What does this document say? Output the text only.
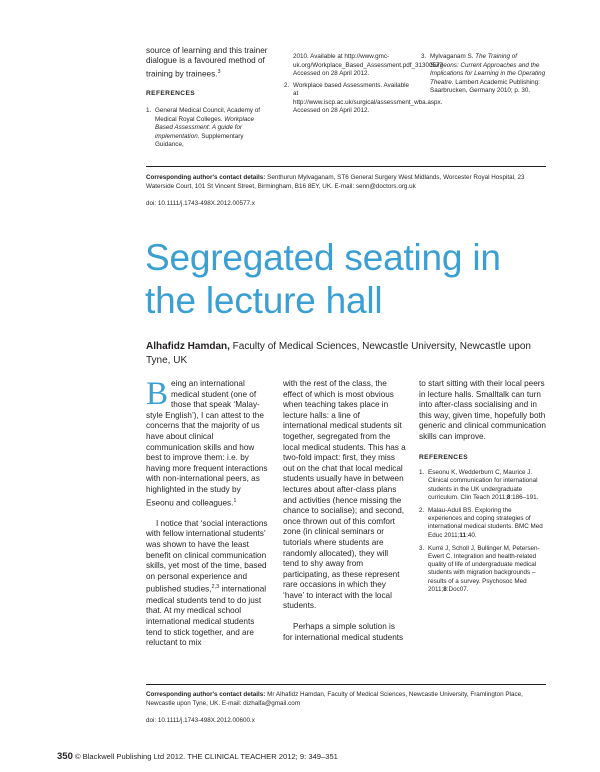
source of learning and this trainer dialogue is a favoured method of training by trainees.$^3$
REFERENCES
1. General Medical Council, Academy of Medical Royal Colleges. Workplace Based Assessment: A guide for implementation. Supplementary Guidance,
2010. Available at http://www.gmc-uk.org/Workplace_Based_Assessment.pdf_31300577 Accessed on 28 April 2012.
2. Workplace based Assessments. Available at http://www.iscp.ac.uk/surgical/assessment_wba.aspx. Accessed on 28 April 2012.
3. Mylvaganam S. The Training of Surgeons: Current Approaches and the Implications for Learning in the Operating Theatre. Lambert Academic Publishing: Saarbrucken, Germany 2010; p. 30.
Corresponding author's contact details: Senthurun Mylvaganam, ST6 General Surgery West Midlands, Worcester Royal Hospital, 23 Waterside Court, 101 St Vincent Street, Birmingham, B16 8EY, UK. E-mail: senn@doctors.org.uk
doi: 10.1111/j.1743-498X.2012.00577.x
Segregated seating in
the lecture hall
Alhafidz Hamdan, Faculty of Medical Sciences, Newcastle University, Newcastle upon Tyne, UK
Being an international medical student (one of those that speak ‘Malay-style English’), I can attest to the concerns that the majority of us have about clinical communication skills and how best to improve them: i.e. by having more frequent interactions with non-international peers, as highlighted in the study by Eseonu and colleagues.$^1$
I notice that ‘social interactions with fellow international students’ was shown to have the least benefit on clinical communication skills, yet most of the time, based on personal experience and published studies,$^{2,3}$ international medical students tend to do just that. At my medical school international medical students tend to stick together, and are reluctant to mix
with the rest of the class, the effect of which is most obvious when teaching takes place in lecture halls: a line of international medical students sit together, segregated from the local medical students. This has a two-fold impact: first, they miss out on the chat that local medical students usually have in between lectures about after-class plans and activities (hence missing the chance to socialise); and second, once thrown out of this comfort zone (in clinical seminars or tutorials where students are randomly allocated), they will tend to shy away from participating, as these represent rare occasions in which they ‘have’ to interact with the local students.
Perhaps a simple solution is for international medical students
to start sitting with their local peers in lecture halls. Smalltalk can turn into after-class socialising and in this way, given time, hopefully both generic and clinical communication skills can improve.
REFERENCES
1. Eseonu K, Wedderburn C, Maurice J. Clinical communication for international students in the UK undergraduate curriculum. Clin Teach 2011;8:186–191.
2. Malau-Aduli BS. Exploring the experiences and coping strategies of international medical students. BMC Med Educ 2011;11:40.
3. Kurré J, Scholl J, Bullinger M, Petersen-Ewert C. Integration and health-related quality of life of undergraduate medical students with migration backgrounds – results of a survey. Psychosoc Med 2011;8:Doc07.
Corresponding author's contact details: Mr Alhafidz Hamdan, Faculty of Medical Sciences, Newcastle University, Framlington Place, Newcastle upon Tyne, UK. E-mail: dizhalfa@gmail.com
doi: 10.1111/j.1743-498X.2012.00600.x
350 © Blackwell Publishing Ltd 2012. THE CLINICAL TEACHER 2012; 9: 349–351
